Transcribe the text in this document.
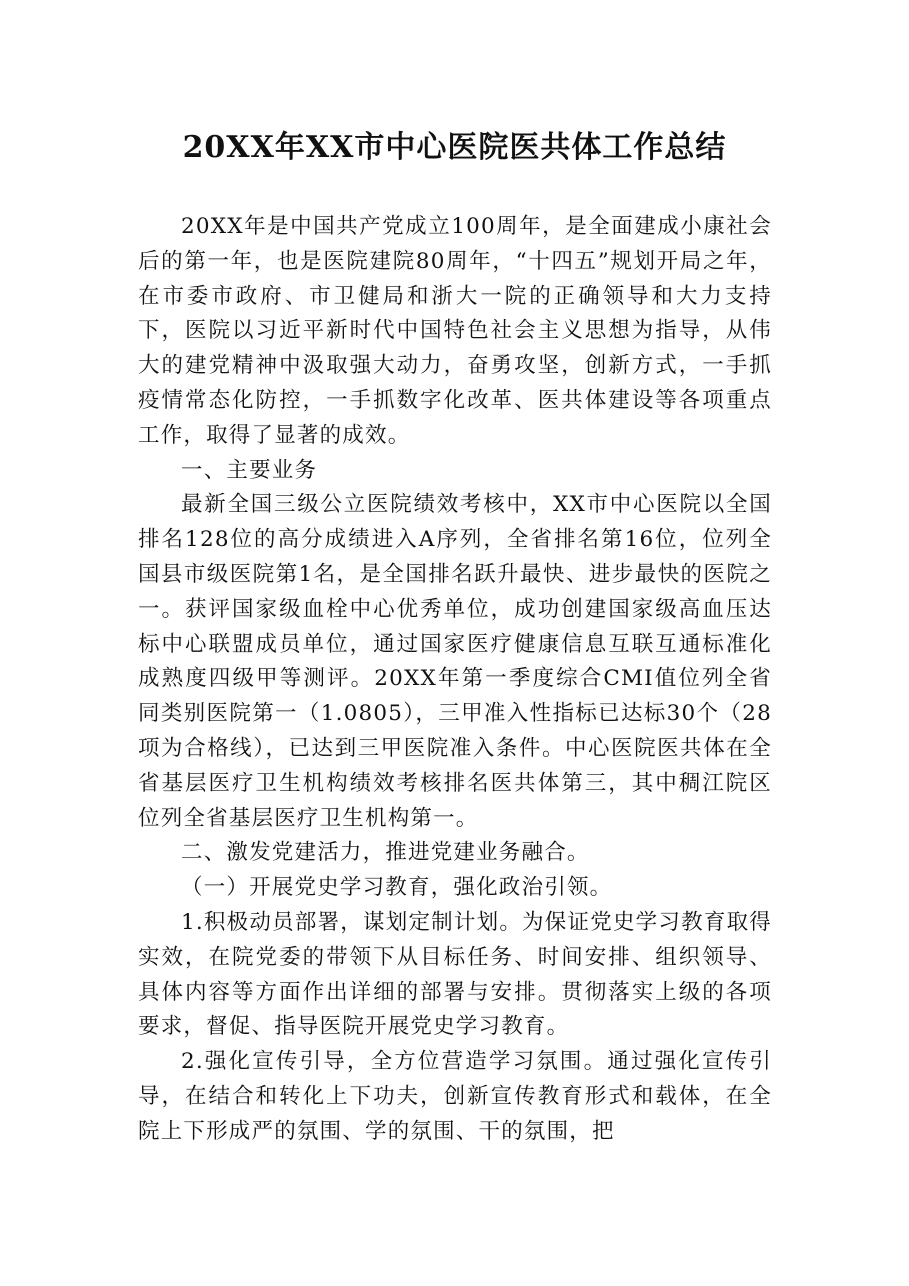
20XX年XX市中心医院医共体工作总结

20XX年是中国共产党成立100周年，是全面建成小康社会后的第一年，也是医院建院80周年，“十四五”规划开局之年，在市委市政府、市卫健局和浙大一院的正确领导和大力支持下，医院以习近平新时代中国特色社会主义思想为指导，从伟大的建党精神中汲取强大动力，奋勇攻坚，创新方式，一手抓疫情常态化防控，一手抓数字化改革、医共体建设等各项重点工作，取得了显著的成效。

一、主要业务

最新全国三级公立医院绩效考核中，XX市中心医院以全国排名128位的高分成绩进入A序列，全省排名第16位，位列全国县市级医院第1名，是全国排名跃升最快、进步最快的医院之一。获评国家级血栓中心优秀单位，成功创建国家级高血压达标中心联盟成员单位，通过国家医疗健康信息互联互通标准化成熟度四级甲等测评。20XX年第一季度综合CMI值位列全省同类别医院第一（1.0805），三甲准入性指标已达标30个（28项为合格线），已达到三甲医院准入条件。中心医院医共体在全省基层医疗卫生机构绩效考核排名医共体第三，其中稠江院区位列全省基层医疗卫生机构第一。

二、激发党建活力，推进党建业务融合。

（一）开展党史学习教育，强化政治引领。

1.积极动员部署，谋划定制计划。为保证党史学习教育取得实效，在院党委的带领下从目标任务、时间安排、组织领导、具体内容等方面作出详细的部署与安排。贯彻落实上级的各项要求，督促、指导医院开展党史学习教育。

2.强化宣传引导，全方位营造学习氛围。通过强化宣传引导，在结合和转化上下功夫，创新宣传教育形式和载体，在全院上下形成严的氛围、学的氛围、干的氛围，把
